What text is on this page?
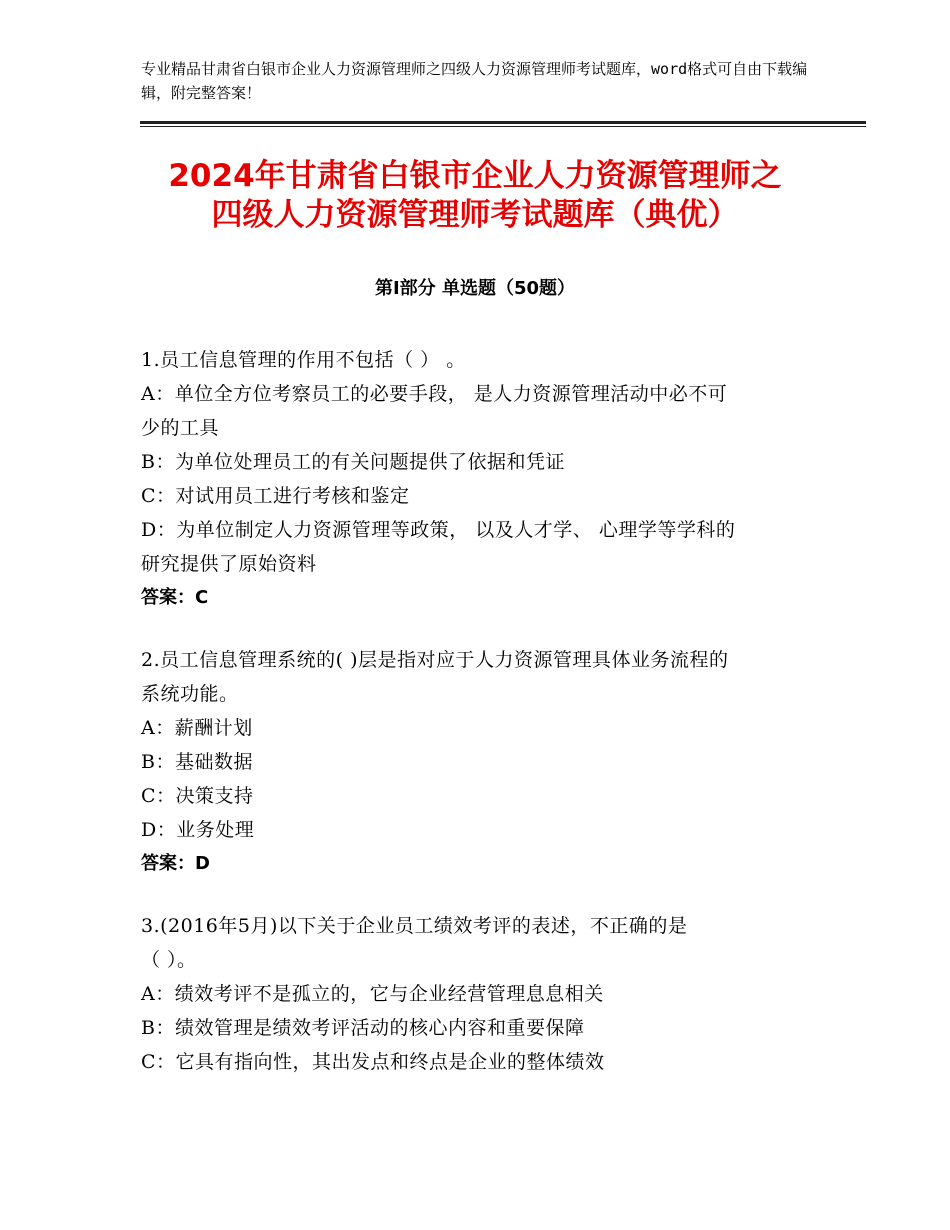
专业精品甘肃省白银市企业人力资源管理师之四级人力资源管理师考试题库，word格式可自由下载编辑，附完整答案！
2024年甘肃省白银市企业人力资源管理师之
四级人力资源管理师考试题库（典优）
第Ⅰ部分 单选题（50题）
1.员工信息管理的作用不包括（ ） 。
A：单位全方位考察员工的必要手段， 是人力资源管理活动中必不可
少的工具
B：为单位处理员工的有关问题提供了依据和凭证
C：对试用员工进行考核和鉴定
D：为单位制定人力资源管理等政策， 以及人才学、 心理学等学科的
研究提供了原始资料
答案：C
2.员工信息管理系统的( )层是指对应于人力资源管理具体业务流程的
系统功能。
A：薪酬计划
B：基础数据
C：决策支持
D：业务处理
答案：D
3.(2016年5月)以下关于企业员工绩效考评的表述，不正确的是
（ ）。
A：绩效考评不是孤立的，它与企业经营管理息息相关
B：绩效管理是绩效考评活动的核心内容和重要保障
C：它具有指向性，其出发点和终点是企业的整体绩效
